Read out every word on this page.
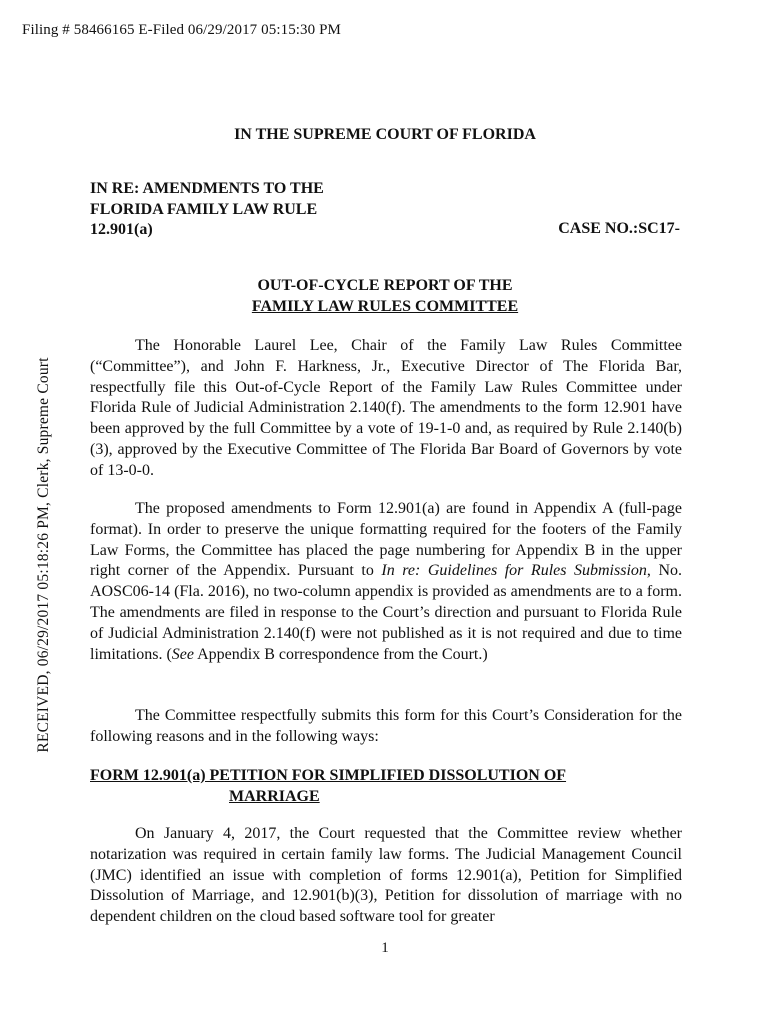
Filing # 58466165 E-Filed 06/29/2017 05:15:30 PM
RECEIVED, 06/29/2017 05:18:26 PM, Clerk, Supreme Court
IN THE SUPREME COURT OF FLORIDA
IN RE: AMENDMENTS TO THE
FLORIDA FAMILY LAW RULE
12.901(a)	CASE NO.:SC17-
OUT-OF-CYCLE REPORT OF THE
FAMILY LAW RULES COMMITTEE

The Honorable Laurel Lee, Chair of the Family Law Rules Committee (“Committee”), and John F. Harkness, Jr., Executive Director of The Florida Bar, respectfully file this Out-of-Cycle Report of the Family Law Rules Committee under Florida Rule of Judicial Administration 2.140(f). The amendments to the form 12.901 have been approved by the full Committee by a vote of 19-1-0 and, as required by Rule 2.140(b)(3), approved by the Executive Committee of The Florida Bar Board of Governors by vote of 13-0-0.

The proposed amendments to Form 12.901(a) are found in Appendix A (full-page format). In order to preserve the unique formatting required for the footers of the Family Law Forms, the Committee has placed the page numbering for Appendix B in the upper right corner of the Appendix. Pursuant to In re: Guidelines for Rules Submission, No. AOSC06-14 (Fla. 2016), no two-column appendix is provided as amendments are to a form. The amendments are filed in response to the Court’s direction and pursuant to Florida Rule of Judicial Administration 2.140(f) were not published as it is not required and due to time limitations. (See Appendix B correspondence from the Court.)

The Committee respectfully submits this form for this Court’s Consideration for the following reasons and in the following ways:

FORM 12.901(a) PETITION FOR SIMPLIFIED DISSOLUTION OF
MARRIAGE

On January 4, 2017, the Court requested that the Committee review whether notarization was required in certain family law forms. The Judicial Management Council (JMC) identified an issue with completion of forms 12.901(a), Petition for Simplified Dissolution of Marriage, and 12.901(b)(3), Petition for dissolution of marriage with no dependent children on the cloud based software tool for greater

1
